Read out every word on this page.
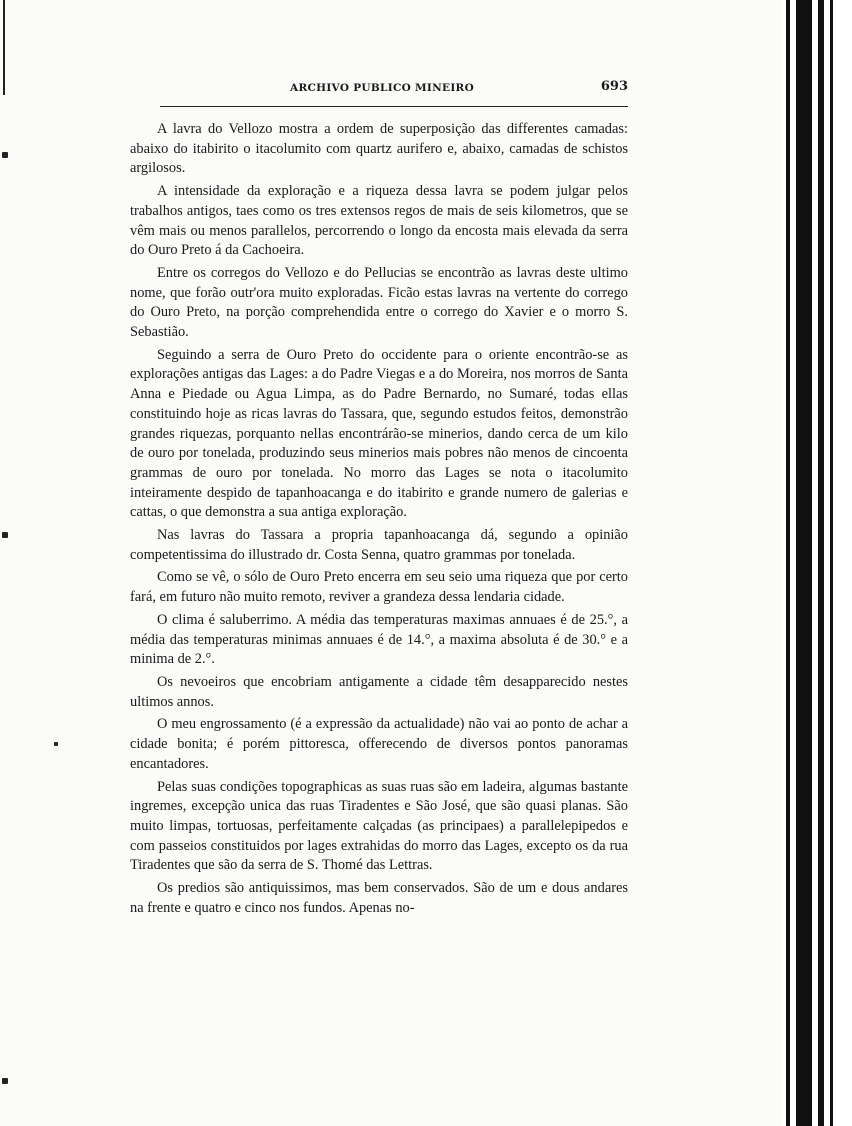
ARCHIVO PUBLICO MINEIRO	693

A lavra do Vellozo mostra a ordem de superposição das differentes camadas: abaixo do itabirito o itacolumito com quartz aurifero e, abaixo, camadas de schistos argilosos.

A intensidade da exploração e a riqueza dessa lavra se podem julgar pelos trabalhos antigos, taes como os tres extensos regos de mais de seis kilometros, que se vêm mais ou menos parallelos, percorrendo o longo da encosta mais elevada da serra do Ouro Preto á da Cachoeira.

Entre os corregos do Vellozo e do Pellucias se encontrão as lavras deste ultimo nome, que forão outr'ora muito exploradas. Ficão estas lavras na vertente do corrego do Ouro Preto, na porção comprehendida entre o corrego do Xavier e o morro S. Sebastião.

Seguindo a serra de Ouro Preto do occidente para o oriente encontrão-se as explorações antigas das Lages: a do Padre Viegas e a do Moreira, nos morros de Santa Anna e Piedade ou Agua Limpa, as do Padre Bernardo, no Sumaré, todas ellas constituindo hoje as ricas lavras do Tassara, que, segundo estudos feitos, demonstrão grandes riquezas, porquanto nellas encontrárão-se minerios, dando cerca de um kilo de ouro por tonelada, produzindo seus minerios mais pobres não menos de cincoenta grammas de ouro por tonelada. No morro das Lages se nota o itacolumito inteiramente despido de tapanhoacanga e do itabirito e grande numero de galerias e cattas, o que demonstra a sua antiga exploração.

Nas lavras do Tassara a propria tapanhoacanga dá, segundo a opinião competentissima do illustrado dr. Costa Senna, quatro grammas por tonelada.

Como se vê, o sólo de Ouro Preto encerra em seu seio uma riqueza que por certo fará, em futuro não muito remoto, reviver a grandeza dessa lendaria cidade.

O clima é saluberrimo. A média das temperaturas maximas annuaes é de 25.°, a média das temperaturas minimas annuaes é de 14.°, a maxima absoluta é de 30.° e a minima de 2.°.

Os nevoeiros que encobriam antigamente a cidade têm desapparecido nestes ultimos annos.

O meu engrossamento (é a expressão da actualidade) não vai ao ponto de achar a cidade bonita; é porém pittoresca, offerecendo de diversos pontos panoramas encantadores.

Pelas suas condições topographicas as suas ruas são em ladeira, algumas bastante ingremes, excepção unica das ruas Tiradentes e São José, que são quasi planas. São muito limpas, tortuosas, perfeitamente calçadas (as principaes) a parallelepipedos e com passeios constituidos por lages extrahidas do morro das Lages, excepto os da rua Tiradentes que são da serra de S. Thomé das Lettras.

Os predios são antiquissimos, mas bem conservados. São de um e dous andares na frente e quatro e cinco nos fundos. Apenas no-
